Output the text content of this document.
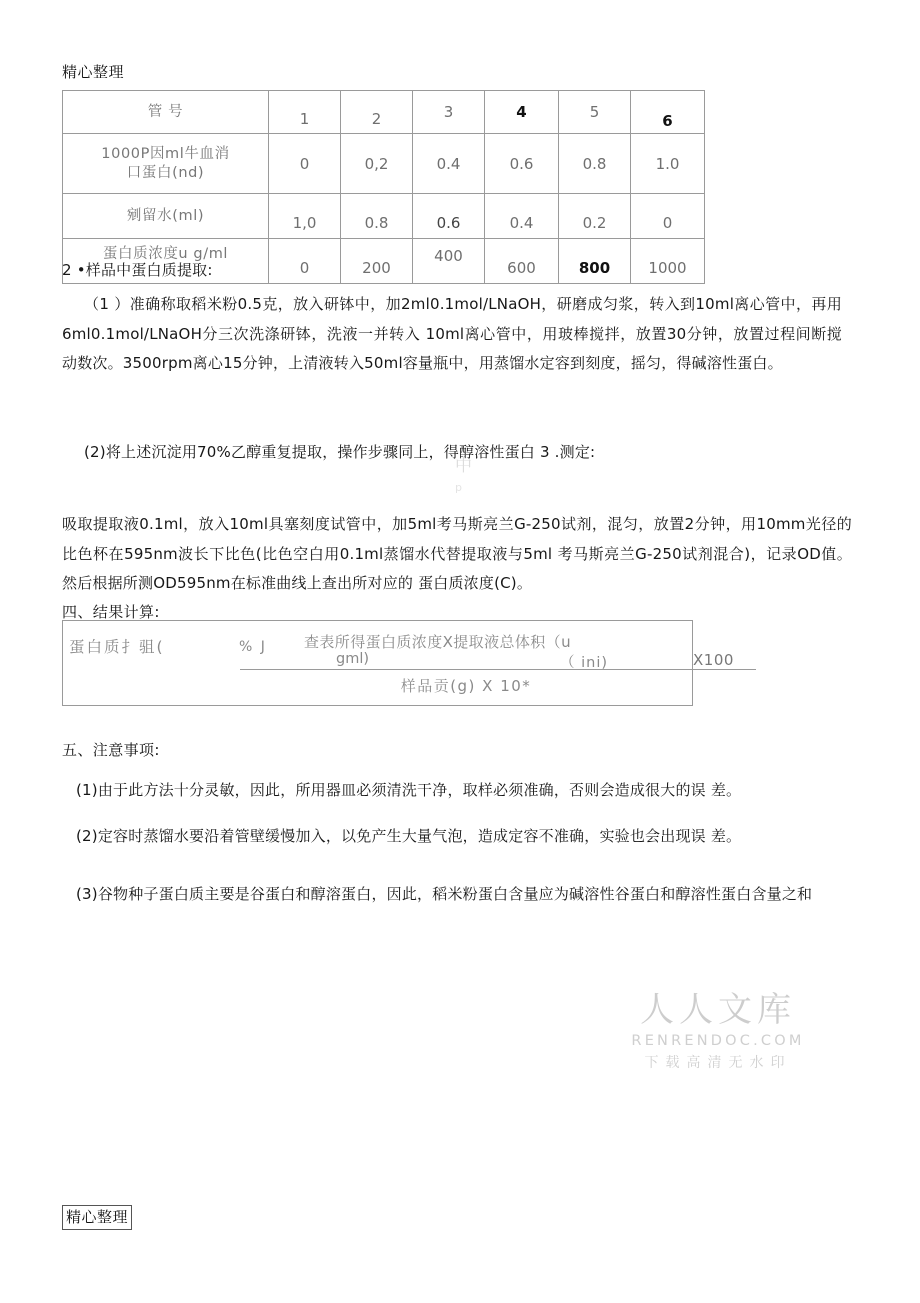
精心整理
管 号	1	2	3	4	5	6

1000P因ml牛血消
口蛋白(nd)	0	0,2	0.4	0.6	0.8	1.0

剜留水(ml)	1,0	0.8	0.6	0.4	0.2	0

蛋白质浓度u g/ml	0	200	400	600	800	1000
2 •样品中蛋白质提取:
（1 ）准确称取稻米粉0.5克，放入研钵中，加2ml0.1mol/LNaOH，研磨成匀浆，转入到10ml离心管中，再用6ml0.1mol/LNaOH分三次洗涤研钵，洗液一并转入 10ml离心管中，用玻棒搅拌，放置30分钟，放置过程间断搅动数次。3500rpm离心15分钟，上清液转入50ml容量瓶中，用蒸馏水定容到刻度，摇匀，得碱溶性蛋白。
(2)将上述沉淀用70%乙醇重复提取，操作步骤同上，得醇溶性蛋白 3 .测定:
吸取提取液0.1ml，放入10ml具塞刻度试管中，加5ml考马斯亮兰G-250试剂，混匀，放置2分钟，用10mm光径的比色杯在595nm波长下比色(比色空白用0.1ml蒸馏水代替提取液与5ml 考马斯亮兰G-250试剂混合)，记录OD值。然后根据所测OD595nm在标准曲线上查出所对应的 蛋白质浓度(C)。
中
p
四、结果计算:
蛋白质扌驵(	% J 查表所得蛋白质浓度X提取液总体积（u
gml)	（ ini)
样品贡(g) X 10*
X100
五、注意事项:
(1)由于此方法十分灵敏，因此，所用器皿必须清洗干净，取样必须准确，否则会造成很大的误 差。
(2)定容时蒸馏水要沿着管壁缓慢加入，以免产生大量气泡，造成定容不准确，实验也会出现误 差。
(3)谷物种子蛋白质主要是谷蛋白和醇溶蛋白，因此，稻米粉蛋白含量应为碱溶性谷蛋白和醇溶性蛋白含量之和
人人文库
RENRENDOC.COM
下载高清无水印
精心整理
